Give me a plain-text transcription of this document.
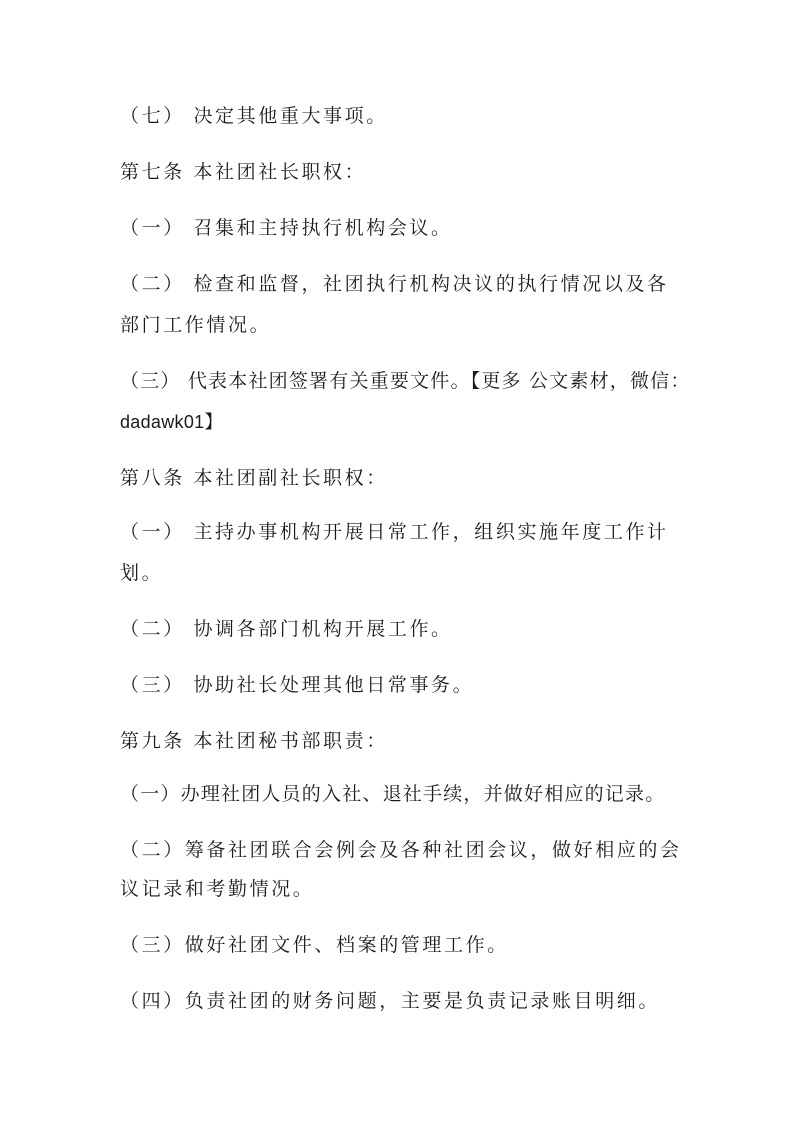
（七） 决定其他重大事项。
第七条 本社团社长职权：
（一） 召集和主持执行机构会议。
（二） 检查和监督，社团执行机构决议的执行情况以及各
部门工作情况。
（三） 代表本社团签署有关重要文件。【更多 公文素材，微信：
dadawk01】
第八条 本社团副社长职权：
（一） 主持办事机构开展日常工作，组织实施年度工作计
划。
（二） 协调各部门机构开展工作。
（三） 协助社长处理其他日常事务。
第九条 本社团秘书部职责：
（一）办理社团人员的入社、退社手续，并做好相应的记录。
（二）筹备社团联合会例会及各种社团会议，做好相应的会
议记录和考勤情况。
（三）做好社团文件、档案的管理工作。
（四）负责社团的财务问题，主要是负责记录账目明细。
